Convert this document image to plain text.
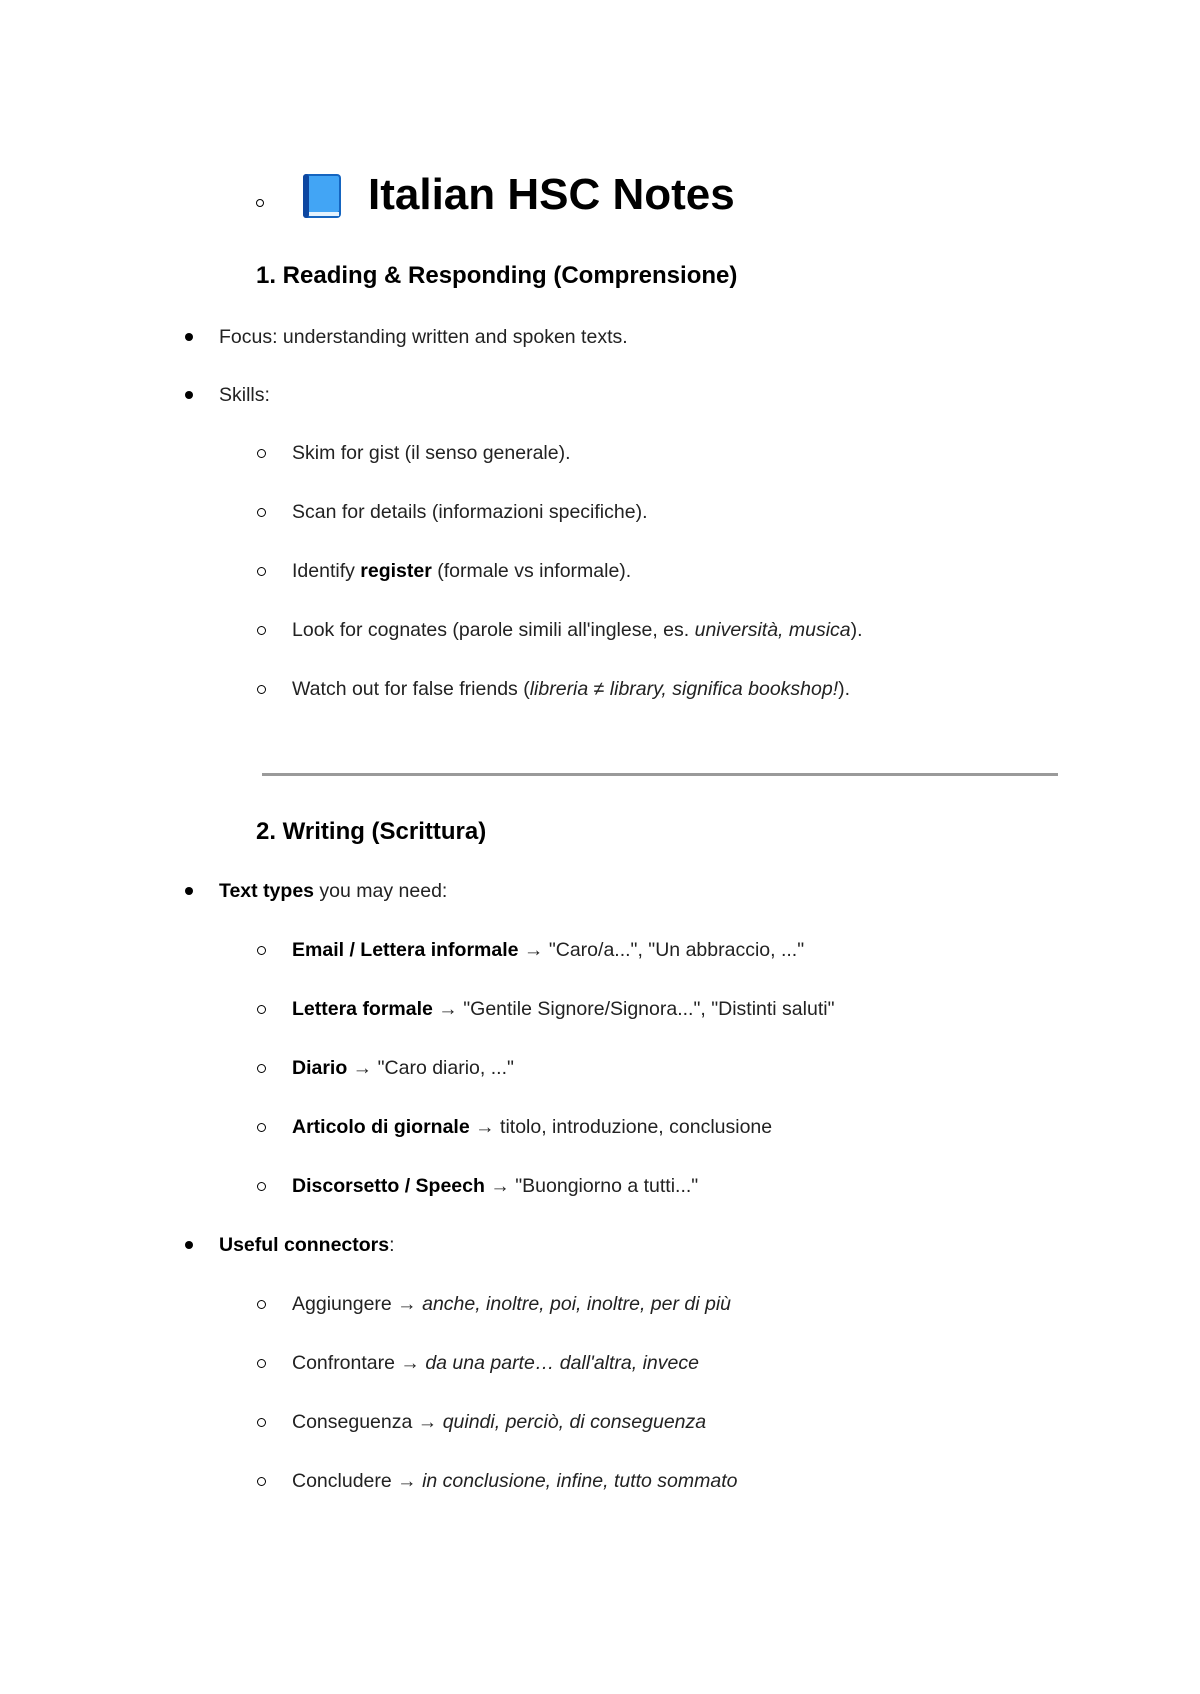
Italian HSC Notes
1. Reading & Responding (Comprensione)
Focus: understanding written and spoken texts.
Skills:
Skim for gist (il senso generale).
Scan for details (informazioni specifiche).
Identify register (formale vs informale).
Look for cognates (parole simili all'inglese, es. università, musica).
Watch out for false friends (libreria ≠ library, significa bookshop!).
2. Writing (Scrittura)
Text types you may need:
Email / Lettera informale → "Caro/a...", "Un abbraccio, ..."
Lettera formale → "Gentile Signore/Signora...", "Distinti saluti"
Diario → "Caro diario, ..."
Articolo di giornale → titolo, introduzione, conclusione
Discorsetto / Speech → "Buongiorno a tutti..."
Useful connectors:
Aggiungere → anche, inoltre, poi, inoltre, per di più
Confrontare → da una parte… dall'altra, invece
Conseguenza → quindi, perciò, di conseguenza
Concludere → in conclusione, infine, tutto sommato
